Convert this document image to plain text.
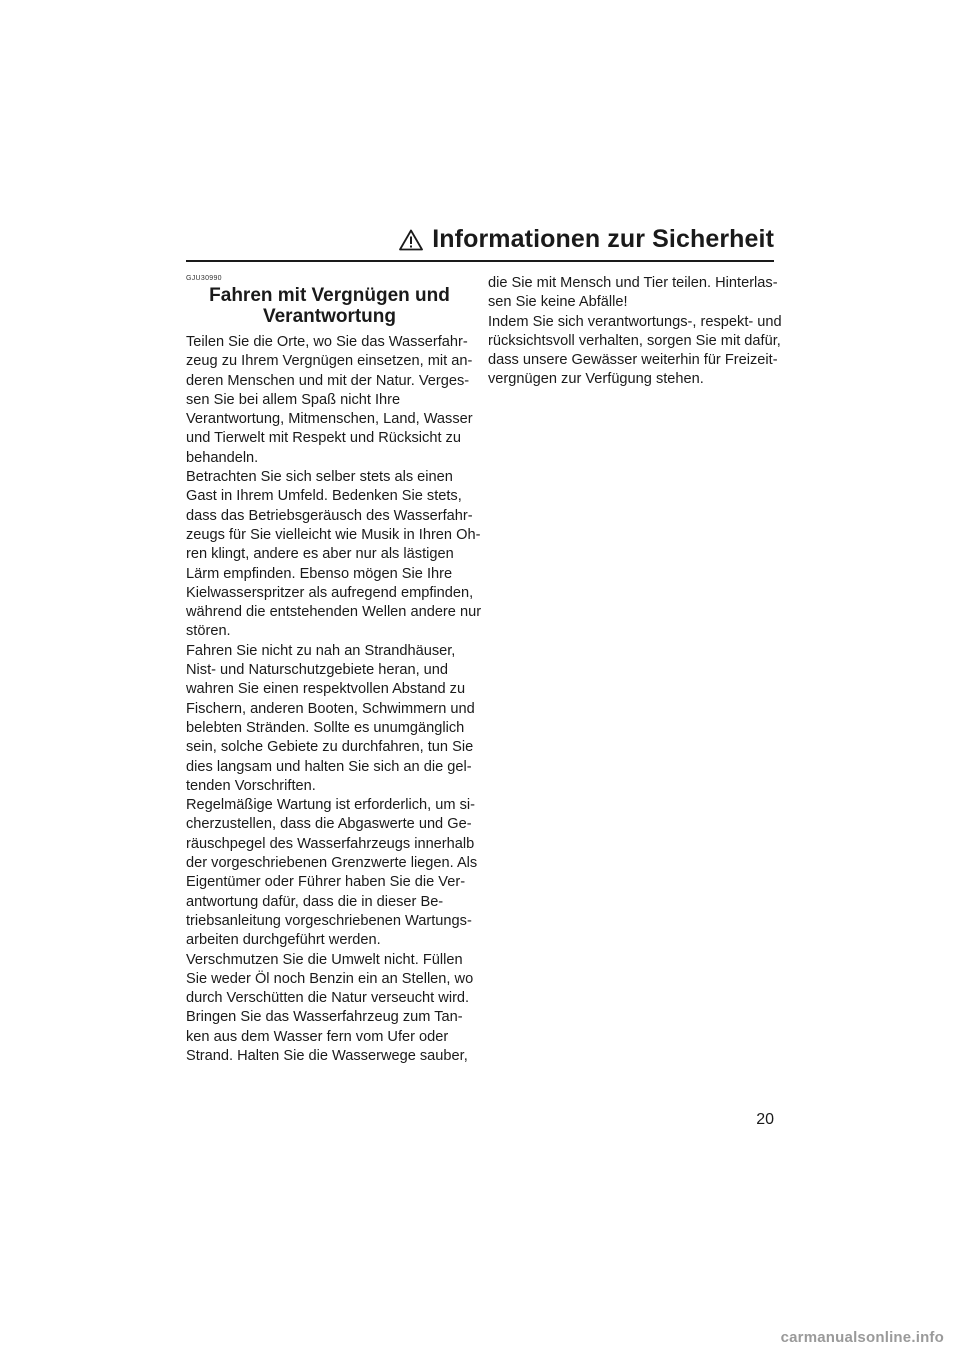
Informationen zur Sicherheit
GJU30990
Fahren mit Vergnügen und
Verantwortung
Teilen Sie die Orte, wo Sie das Wasserfahr-
zeug zu Ihrem Vergnügen einsetzen, mit an-
deren Menschen und mit der Natur. Verges-
sen Sie bei allem Spaß nicht Ihre
Verantwortung, Mitmenschen, Land, Wasser
und Tierwelt mit Respekt und Rücksicht zu
behandeln.
Betrachten Sie sich selber stets als einen
Gast in Ihrem Umfeld. Bedenken Sie stets,
dass das Betriebsgeräusch des Wasserfahr-
zeugs für Sie vielleicht wie Musik in Ihren Oh-
ren klingt, andere es aber nur als lästigen
Lärm empfinden. Ebenso mögen Sie Ihre
Kielwasserspritzer als aufregend empfinden,
während die entstehenden Wellen andere nur
stören.
Fahren Sie nicht zu nah an Strandhäuser,
Nist- und Naturschutzgebiete heran, und
wahren Sie einen respektvollen Abstand zu
Fischern, anderen Booten, Schwimmern und
belebten Stränden. Sollte es unumgänglich
sein, solche Gebiete zu durchfahren, tun Sie
dies langsam und halten Sie sich an die gel-
tenden Vorschriften.
Regelmäßige Wartung ist erforderlich, um si-
cherzustellen, dass die Abgaswerte und Ge-
räuschpegel des Wasserfahrzeugs innerhalb
der vorgeschriebenen Grenzwerte liegen. Als
Eigentümer oder Führer haben Sie die Ver-
antwortung dafür, dass die in dieser Be-
triebsanleitung vorgeschriebenen Wartungs-
arbeiten durchgeführt werden.
Verschmutzen Sie die Umwelt nicht. Füllen
Sie weder Öl noch Benzin ein an Stellen, wo
durch Verschütten die Natur verseucht wird.
Bringen Sie das Wasserfahrzeug zum Tan-
ken aus dem Wasser fern vom Ufer oder
Strand. Halten Sie die Wasserwege sauber,
die Sie mit Mensch und Tier teilen. Hinterlas-
sen Sie keine Abfälle!
Indem Sie sich verantwortungs-, respekt- und
rücksichtsvoll verhalten, sorgen Sie mit dafür,
dass unsere Gewässer weiterhin für Freizeit-
vergnügen zur Verfügung stehen.
20
carmanualsonline.info
